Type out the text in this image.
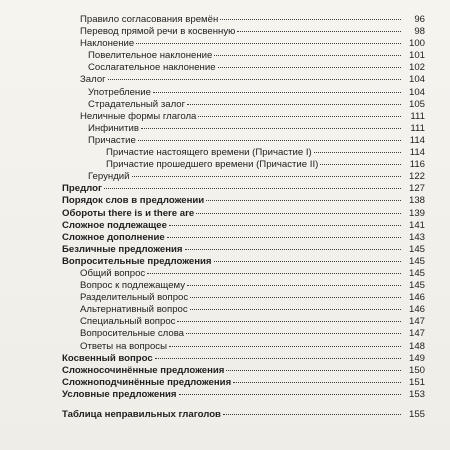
Правило согласования времён	96
Перевод прямой речи в косвенную	98
Наклонение	100
Повелительное наклонение	101
Сослагательное наклонение	102
Залог	104
Употребление	104
Страдательный залог	105
Неличные формы глагола	111
Инфинитив	111
Причастие	114
Причастие настоящего времени (Причастие I)	114
Причастие прошедшего времени (Причастие II)	116
Герундий	122
Предлог	127
Порядок слов в предложении	138
Обороты there is и there are	139
Сложное подлежащее	141
Сложное дополнение	143
Безличные предложения	145
Вопросительные предложения	145
Общий вопрос	145
Вопрос к подлежащему	145
Разделительный вопрос	146
Альтернативный вопрос	146
Специальный вопрос	147
Вопросительные слова	147
Ответы на вопросы	148
Косвенный вопрос	149
Сложносочинённые предложения	150
Сложноподчинённые предложения	151
Условные предложения	153
Таблица неправильных глаголов	155
